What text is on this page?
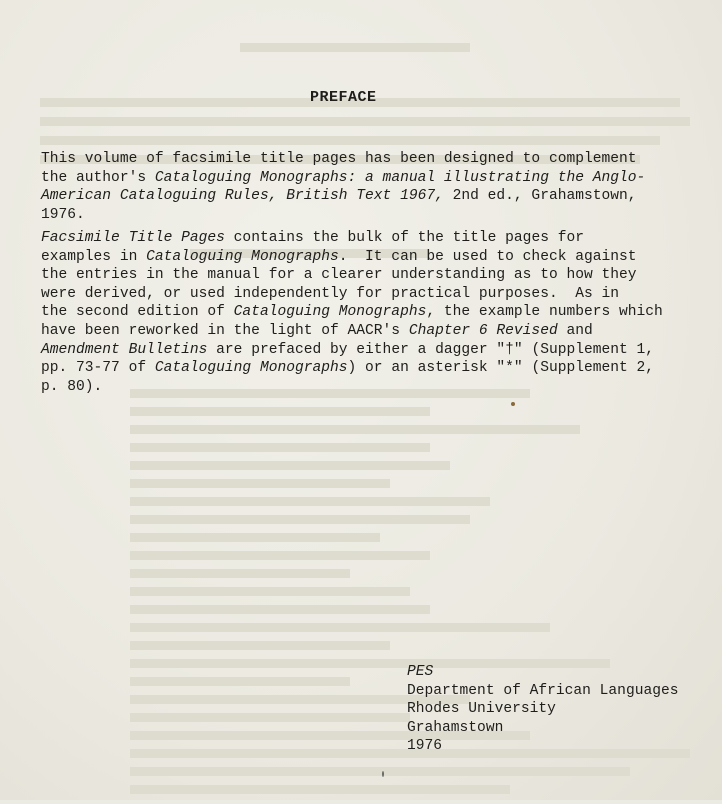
PREFACE
This volume of facsimile title pages has been designed to complement
the author's Cataloguing Monographs: a manual illustrating the Anglo-
American Cataloguing Rules, British Text 1967, 2nd ed., Grahamstown,
1976.
Facsimile Title Pages contains the bulk of the title pages for
examples in Cataloguing Monographs.  It can be used to check against
the entries in the manual for a clearer understanding as to how they
were derived, or used independently for practical purposes.  As in
the second edition of Cataloguing Monographs, the example numbers which
have been reworked in the light of AACR's Chapter 6 Revised and
Amendment Bulletins are prefaced by either a dagger "†" (Supplement 1,
pp. 73-77 of Cataloguing Monographs) or an asterisk "*" (Supplement 2,
p. 80).
PES
Department of African Languages
Rhodes University
Grahamstown
1976
